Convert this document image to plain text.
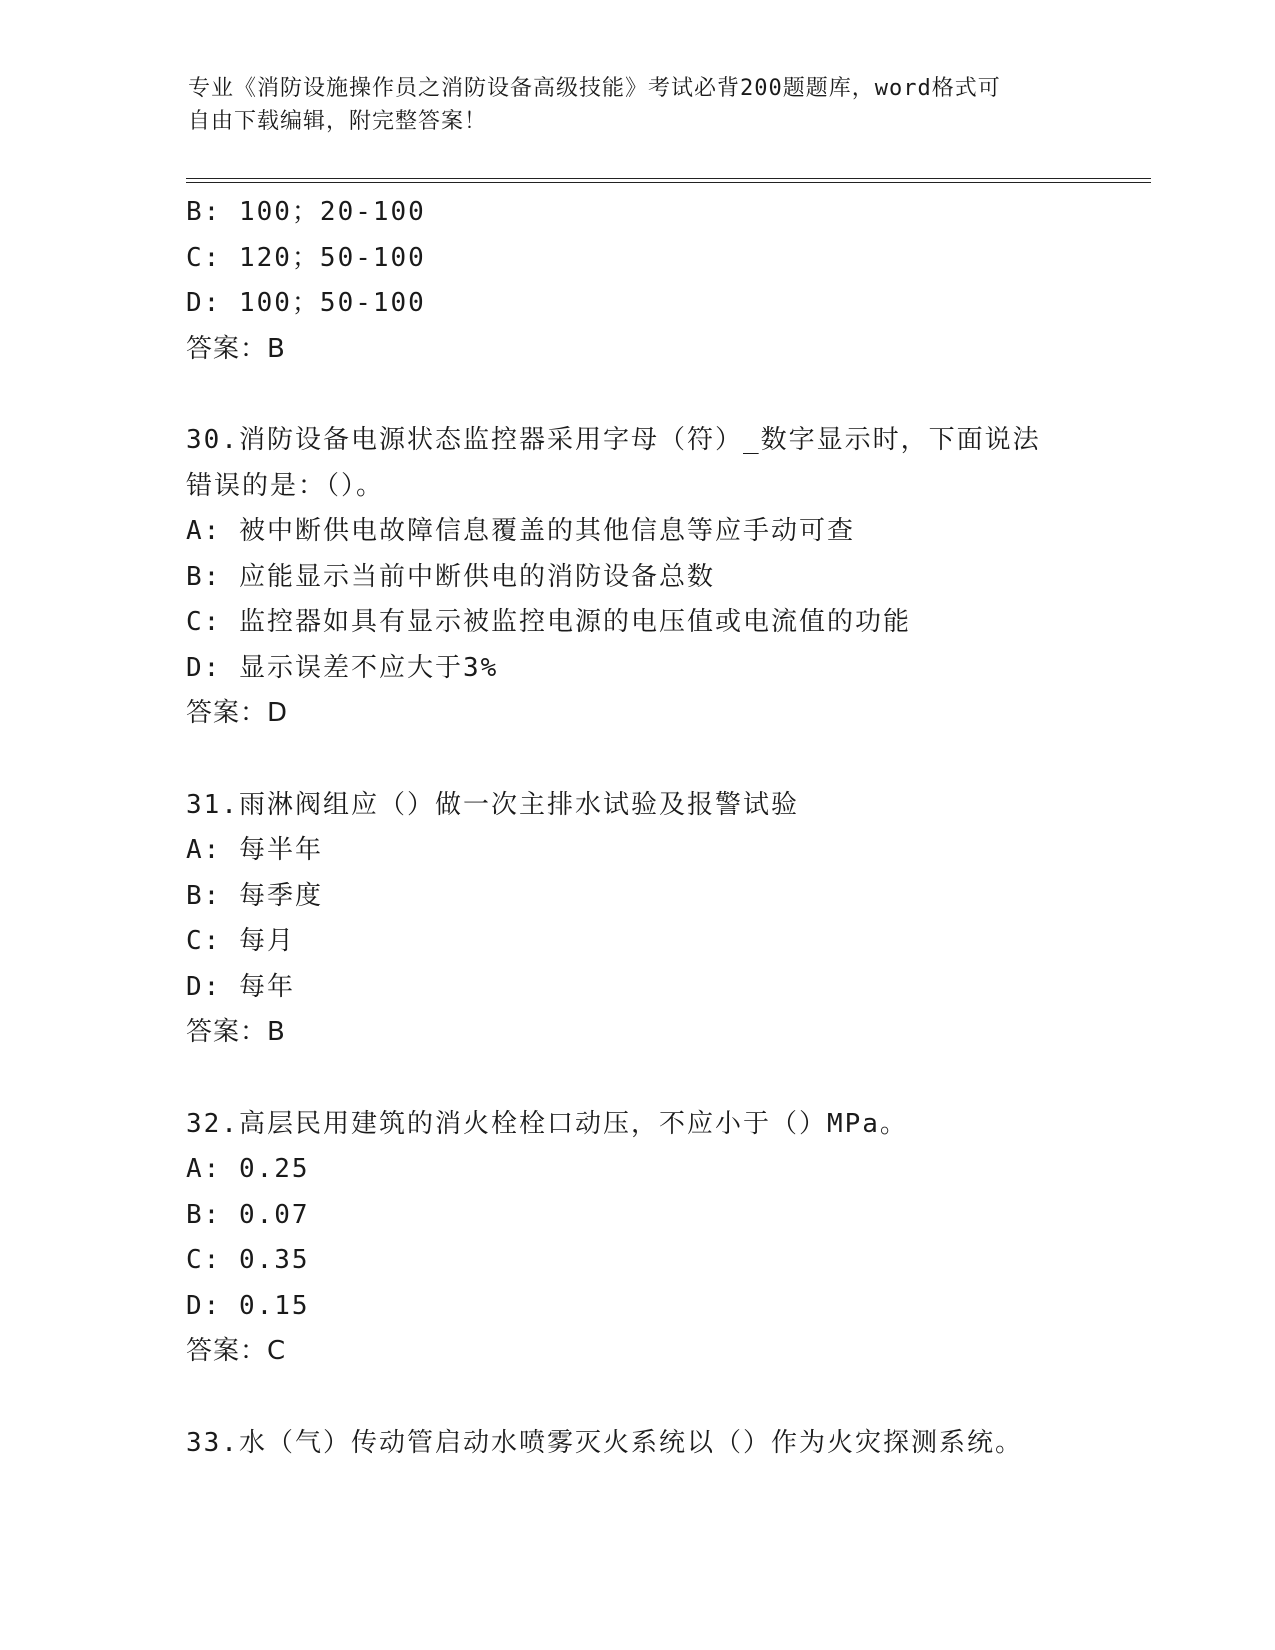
专业《消防设施操作员之消防设备高级技能》考试必背200题题库，word格式可
自由下载编辑，附完整答案！
B: 100；20-100
C: 120；50-100
D: 100；50-100
答案：B
30.消防设备电源状态监控器采用字母（符）_数字显示时，下面说法
错误的是：（）。
A: 被中断供电故障信息覆盖的其他信息等应手动可查
B: 应能显示当前中断供电的消防设备总数
C: 监控器如具有显示被监控电源的电压值或电流值的功能
D: 显示误差不应大于3%
答案：D
31.雨淋阀组应（）做一次主排水试验及报警试验
A: 每半年
B: 每季度
C: 每月
D: 每年
答案：B
32.高层民用建筑的消火栓栓口动压，不应小于（）MPa。
A: 0.25
B: 0.07
C: 0.35
D: 0.15
答案：C
33.水（气）传动管启动水喷雾灭火系统以（）作为火灾探测系统。
